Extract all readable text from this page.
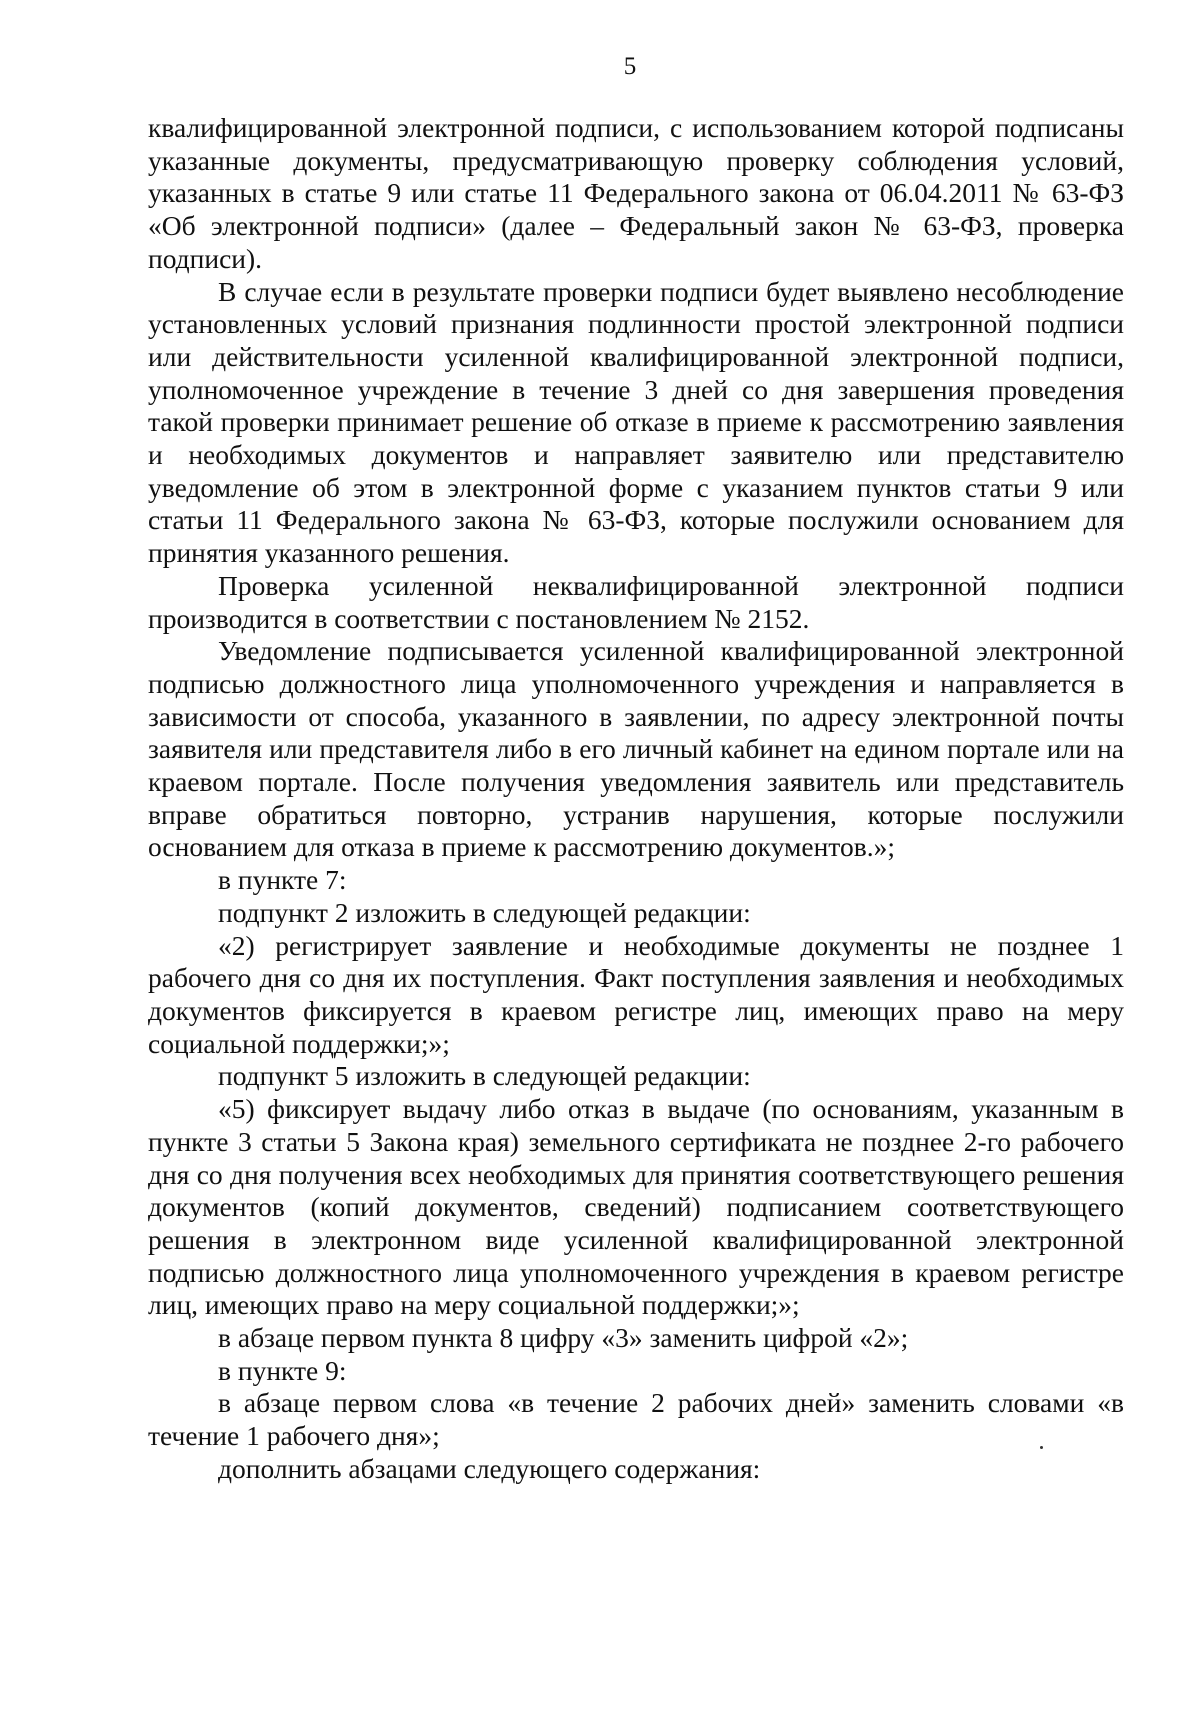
5

квалифицированной электронной подписи, с использованием которой подписаны указанные документы, предусматривающую проверку соблюдения условий, указанных в статье 9 или статье 11 Федерального закона от 06.04.2011 № 63-ФЗ «Об электронной подписи» (далее – Федеральный закон № 63-ФЗ, проверка подписи).

В случае если в результате проверки подписи будет выявлено несоблюдение установленных условий признания подлинности простой электронной подписи или действительности усиленной квалифицированной электронной подписи, уполномоченное учреждение в течение 3 дней со дня завершения проведения такой проверки принимает решение об отказе в приеме к рассмотрению заявления и необходимых документов и направляет заявителю или представителю уведомление об этом в электронной форме с указанием пунктов статьи 9 или статьи 11 Федерального закона № 63-ФЗ, которые послужили основанием для принятия указанного решения.

Проверка усиленной неквалифицированной электронной подписи производится в соответствии с постановлением № 2152.

Уведомление подписывается усиленной квалифицированной электронной подписью должностного лица уполномоченного учреждения и направляется в зависимости от способа, указанного в заявлении, по адресу электронной почты заявителя или представителя либо в его личный кабинет на едином портале или на краевом портале. После получения уведомления заявитель или представитель вправе обратиться повторно, устранив нарушения, которые послужили основанием для отказа в приеме к рассмотрению документов.»;

в пункте 7:

подпункт 2 изложить в следующей редакции:

«2) регистрирует заявление и необходимые документы не позднее 1 рабочего дня со дня их поступления. Факт поступления заявления и необходимых документов фиксируется в краевом регистре лиц, имеющих право на меру социальной поддержки;»;

подпункт 5 изложить в следующей редакции:

«5) фиксирует выдачу либо отказ в выдаче (по основаниям, указанным в пункте 3 статьи 5 Закона края) земельного сертификата не позднее 2-го рабочего дня со дня получения всех необходимых для принятия соответствующего решения документов (копий документов, сведений) подписанием соответствующего решения в электронном виде усиленной квалифицированной электронной подписью должностного лица уполномоченного учреждения в краевом регистре лиц, имеющих право на меру социальной поддержки;»;

в абзаце первом пункта 8 цифру «3» заменить цифрой «2»;

в пункте 9:

в абзаце первом слова «в течение 2 рабочих дней» заменить словами «в течение 1 рабочего дня»;

дополнить абзацами следующего содержания:
